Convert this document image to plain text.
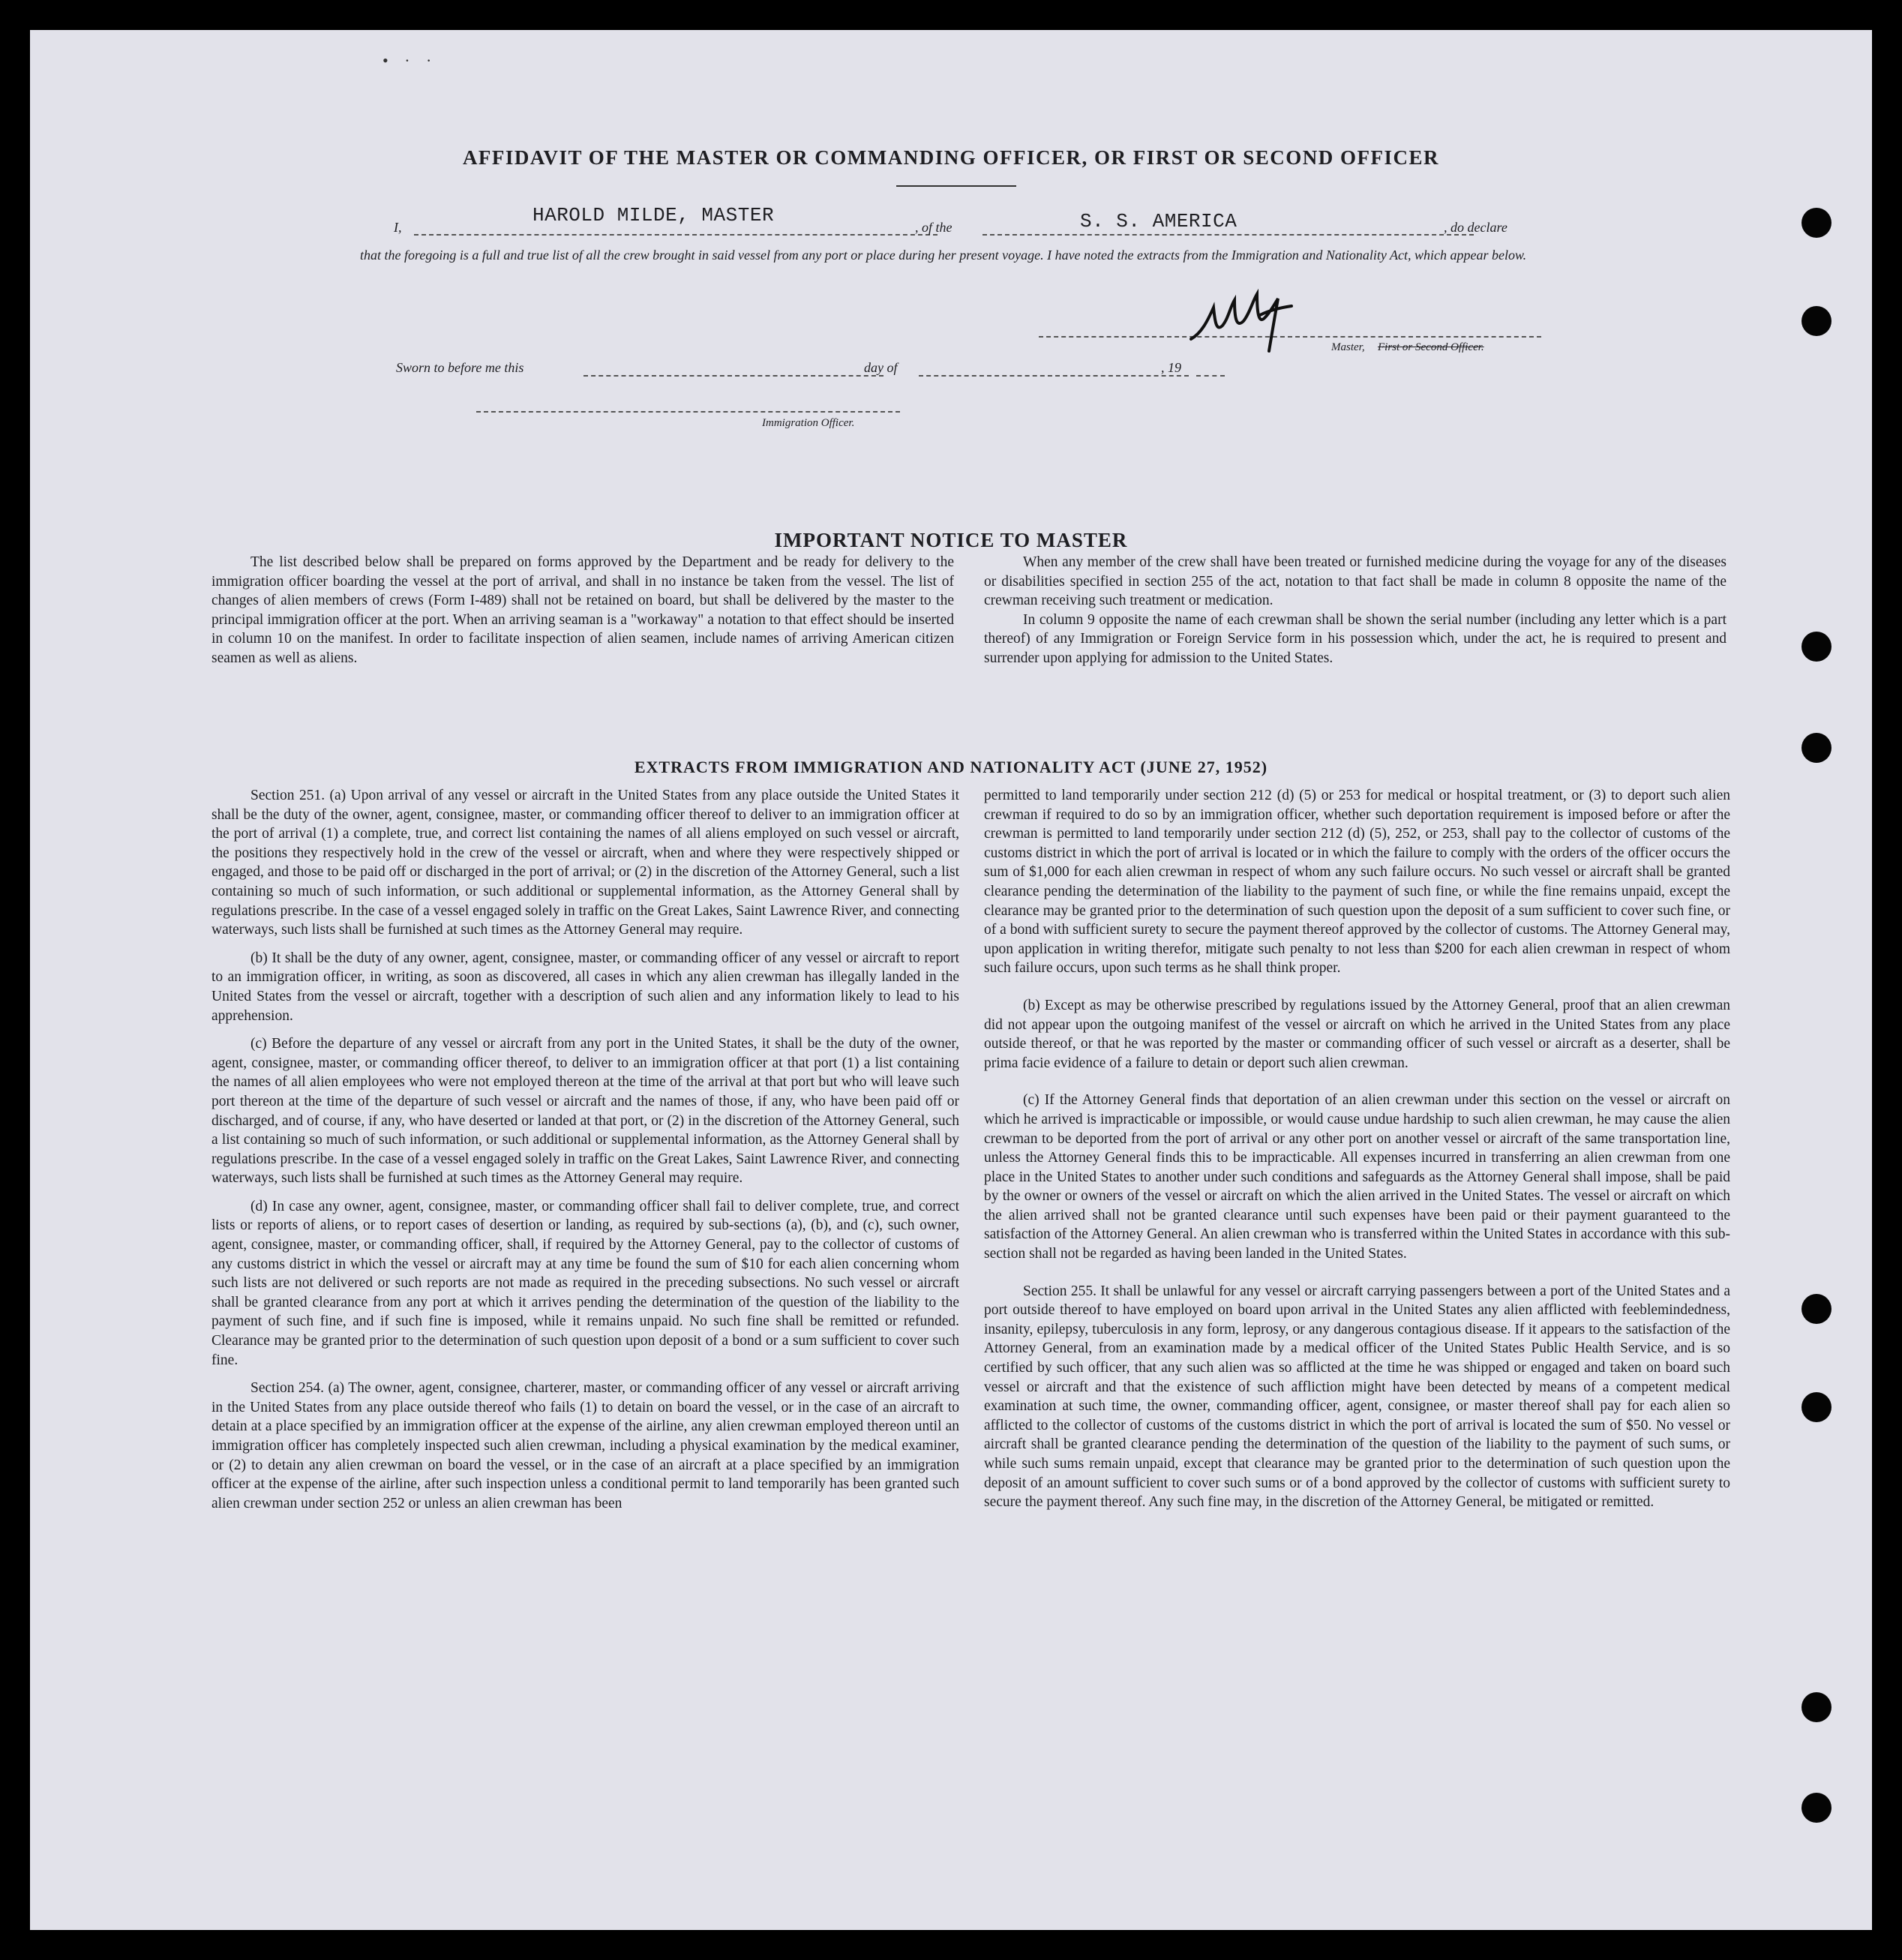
• · ·
AFFIDAVIT OF THE MASTER OR COMMANDING OFFICER, OR FIRST OR SECOND OFFICER
I,
HAROLD MILDE, MASTER
, of the	S. S. AMERICA	, do declare
that the foregoing is a full and true list of all the crew brought in said vessel from any port or place during her present voyage. I have noted the extracts from the Immigration and Nationality Act, which appear below.
Master, First or Second Officer.
Sworn to before me this	day of	, 19
Immigration Officer.
IMPORTANT NOTICE TO MASTER

The list described below shall be prepared on forms approved by the Department and be ready for delivery to the immigration officer boarding the vessel at the port of arrival, and shall in no instance be taken from the vessel. The list of changes of alien members of crews (Form I-489) shall not be retained on board, but shall be delivered by the master to the principal immigration officer at the port. When an arriving seaman is a "workaway" a notation to that effect should be inserted in column 10 on the manifest. In order to facilitate inspection of alien seamen, include names of arriving American citizen seamen as well as aliens.

When any member of the crew shall have been treated or furnished medicine during the voyage for any of the diseases or disabilities specified in section 255 of the act, notation to that fact shall be made in column 8 opposite the name of the crewman receiving such treatment or medication.

In column 9 opposite the name of each crewman shall be shown the serial number (including any letter which is a part thereof) of any Immigration or Foreign Service form in his possession which, under the act, he is required to present and surrender upon applying for admission to the United States.

EXTRACTS FROM IMMIGRATION AND NATIONALITY ACT (JUNE 27, 1952)

Section 251. (a) Upon arrival of any vessel or aircraft in the United States from any place outside the United States it shall be the duty of the owner, agent, consignee, master, or commanding officer thereof to deliver to an immigration officer at the port of arrival (1) a complete, true, and correct list containing the names of all aliens employed on such vessel or aircraft, the positions they respectively hold in the crew of the vessel or aircraft, when and where they were respectively shipped or engaged, and those to be paid off or discharged in the port of arrival; or (2) in the discretion of the Attorney General, such a list containing so much of such information, or such additional or supplemental information, as the Attorney General shall by regulations prescribe. In the case of a vessel engaged solely in traffic on the Great Lakes, Saint Lawrence River, and connecting waterways, such lists shall be furnished at such times as the Attorney General may require.

(b) It shall be the duty of any owner, agent, consignee, master, or commanding officer of any vessel or aircraft to report to an immigration officer, in writing, as soon as discovered, all cases in which any alien crewman has illegally landed in the United States from the vessel or aircraft, together with a description of such alien and any information likely to lead to his apprehension.

(c) Before the departure of any vessel or aircraft from any port in the United States, it shall be the duty of the owner, agent, consignee, master, or commanding officer thereof, to deliver to an immigration officer at that port (1) a list containing the names of all alien employees who were not employed thereon at the time of the arrival at that port but who will leave such port thereon at the time of the departure of such vessel or aircraft and the names of those, if any, who have been paid off or discharged, and of course, if any, who have deserted or landed at that port, or (2) in the discretion of the Attorney General, such a list containing so much of such information, or such additional or supplemental information, as the Attorney General shall by regulations prescribe. In the case of a vessel engaged solely in traffic on the Great Lakes, Saint Lawrence River, and connecting waterways, such lists shall be furnished at such times as the Attorney General may require.

(d) In case any owner, agent, consignee, master, or commanding officer shall fail to deliver complete, true, and correct lists or reports of aliens, or to report cases of desertion or landing, as required by sub-sections (a), (b), and (c), such owner, agent, consignee, master, or commanding officer, shall, if required by the Attorney General, pay to the collector of customs of any customs district in which the vessel or aircraft may at any time be found the sum of $10 for each alien concerning whom such lists are not delivered or such reports are not made as required in the preceding subsections. No such vessel or aircraft shall be granted clearance from any port at which it arrives pending the determination of the question of the liability to the payment of such fine, and if such fine is imposed, while it remains unpaid. No such fine shall be remitted or refunded. Clearance may be granted prior to the determination of such question upon deposit of a bond or a sum sufficient to cover such fine.

Section 254. (a) The owner, agent, consignee, charterer, master, or commanding officer of any vessel or aircraft arriving in the United States from any place outside thereof who fails (1) to detain on board the vessel, or in the case of an aircraft to detain at a place specified by an immigration officer at the expense of the airline, any alien crewman employed thereon until an immigration officer has completely inspected such alien crewman, including a physical examination by the medical examiner, or (2) to detain any alien crewman on board the vessel, or in the case of an aircraft at a place specified by an immigration officer at the expense of the airline, after such inspection unless a conditional permit to land temporarily has been granted such alien crewman under section 252 or unless an alien crewman has been

permitted to land temporarily under section 212 (d) (5) or 253 for medical or hospital treatment, or (3) to deport such alien crewman if required to do so by an immigration officer, whether such deportation requirement is imposed before or after the crewman is permitted to land temporarily under section 212 (d) (5), 252, or 253, shall pay to the collector of customs of the customs district in which the port of arrival is located or in which the failure to comply with the orders of the officer occurs the sum of $1,000 for each alien crewman in respect of whom any such failure occurs. No such vessel or aircraft shall be granted clearance pending the determination of the liability to the payment of such fine, or while the fine remains unpaid, except the clearance may be granted prior to the determination of such question upon the deposit of a sum sufficient to cover such fine, or of a bond with sufficient surety to secure the payment thereof approved by the collector of customs. The Attorney General may, upon application in writing therefor, mitigate such penalty to not less than $200 for each alien crewman in respect of whom such failure occurs, upon such terms as he shall think proper.

(b) Except as may be otherwise prescribed by regulations issued by the Attorney General, proof that an alien crewman did not appear upon the outgoing manifest of the vessel or aircraft on which he arrived in the United States from any place outside thereof, or that he was reported by the master or commanding officer of such vessel or aircraft as a deserter, shall be prima facie evidence of a failure to detain or deport such alien crewman.

(c) If the Attorney General finds that deportation of an alien crewman under this section on the vessel or aircraft on which he arrived is impracticable or impossible, or would cause undue hardship to such alien crewman, he may cause the alien crewman to be deported from the port of arrival or any other port on another vessel or aircraft of the same transportation line, unless the Attorney General finds this to be impracticable. All expenses incurred in transferring an alien crewman from one place in the United States to another under such conditions and safeguards as the Attorney General shall impose, shall be paid by the owner or owners of the vessel or aircraft on which the alien arrived in the United States. The vessel or aircraft on which the alien arrived shall not be granted clearance until such expenses have been paid or their payment guaranteed to the satisfaction of the Attorney General. An alien crewman who is transferred within the United States in accordance with this sub-section shall not be regarded as having been landed in the United States.

Section 255. It shall be unlawful for any vessel or aircraft carrying passengers between a port of the United States and a port outside thereof to have employed on board upon arrival in the United States any alien afflicted with feeblemindedness, insanity, epilepsy, tuberculosis in any form, leprosy, or any dangerous contagious disease. If it appears to the satisfaction of the Attorney General, from an examination made by a medical officer of the United States Public Health Service, and is so certified by such officer, that any such alien was so afflicted at the time he was shipped or engaged and taken on board such vessel or aircraft and that the existence of such affliction might have been detected by means of a competent medical examination at such time, the owner, commanding officer, agent, consignee, or master thereof shall pay for each alien so afflicted to the collector of customs of the customs district in which the port of arrival is located the sum of $50. No vessel or aircraft shall be granted clearance pending the determination of the question of the liability to the payment of such sums, or while such sums remain unpaid, except that clearance may be granted prior to the determination of such question upon the deposit of an amount sufficient to cover such sums or of a bond approved by the collector of customs with sufficient surety to secure the payment thereof. Any such fine may, in the discretion of the Attorney General, be mitigated or remitted.
